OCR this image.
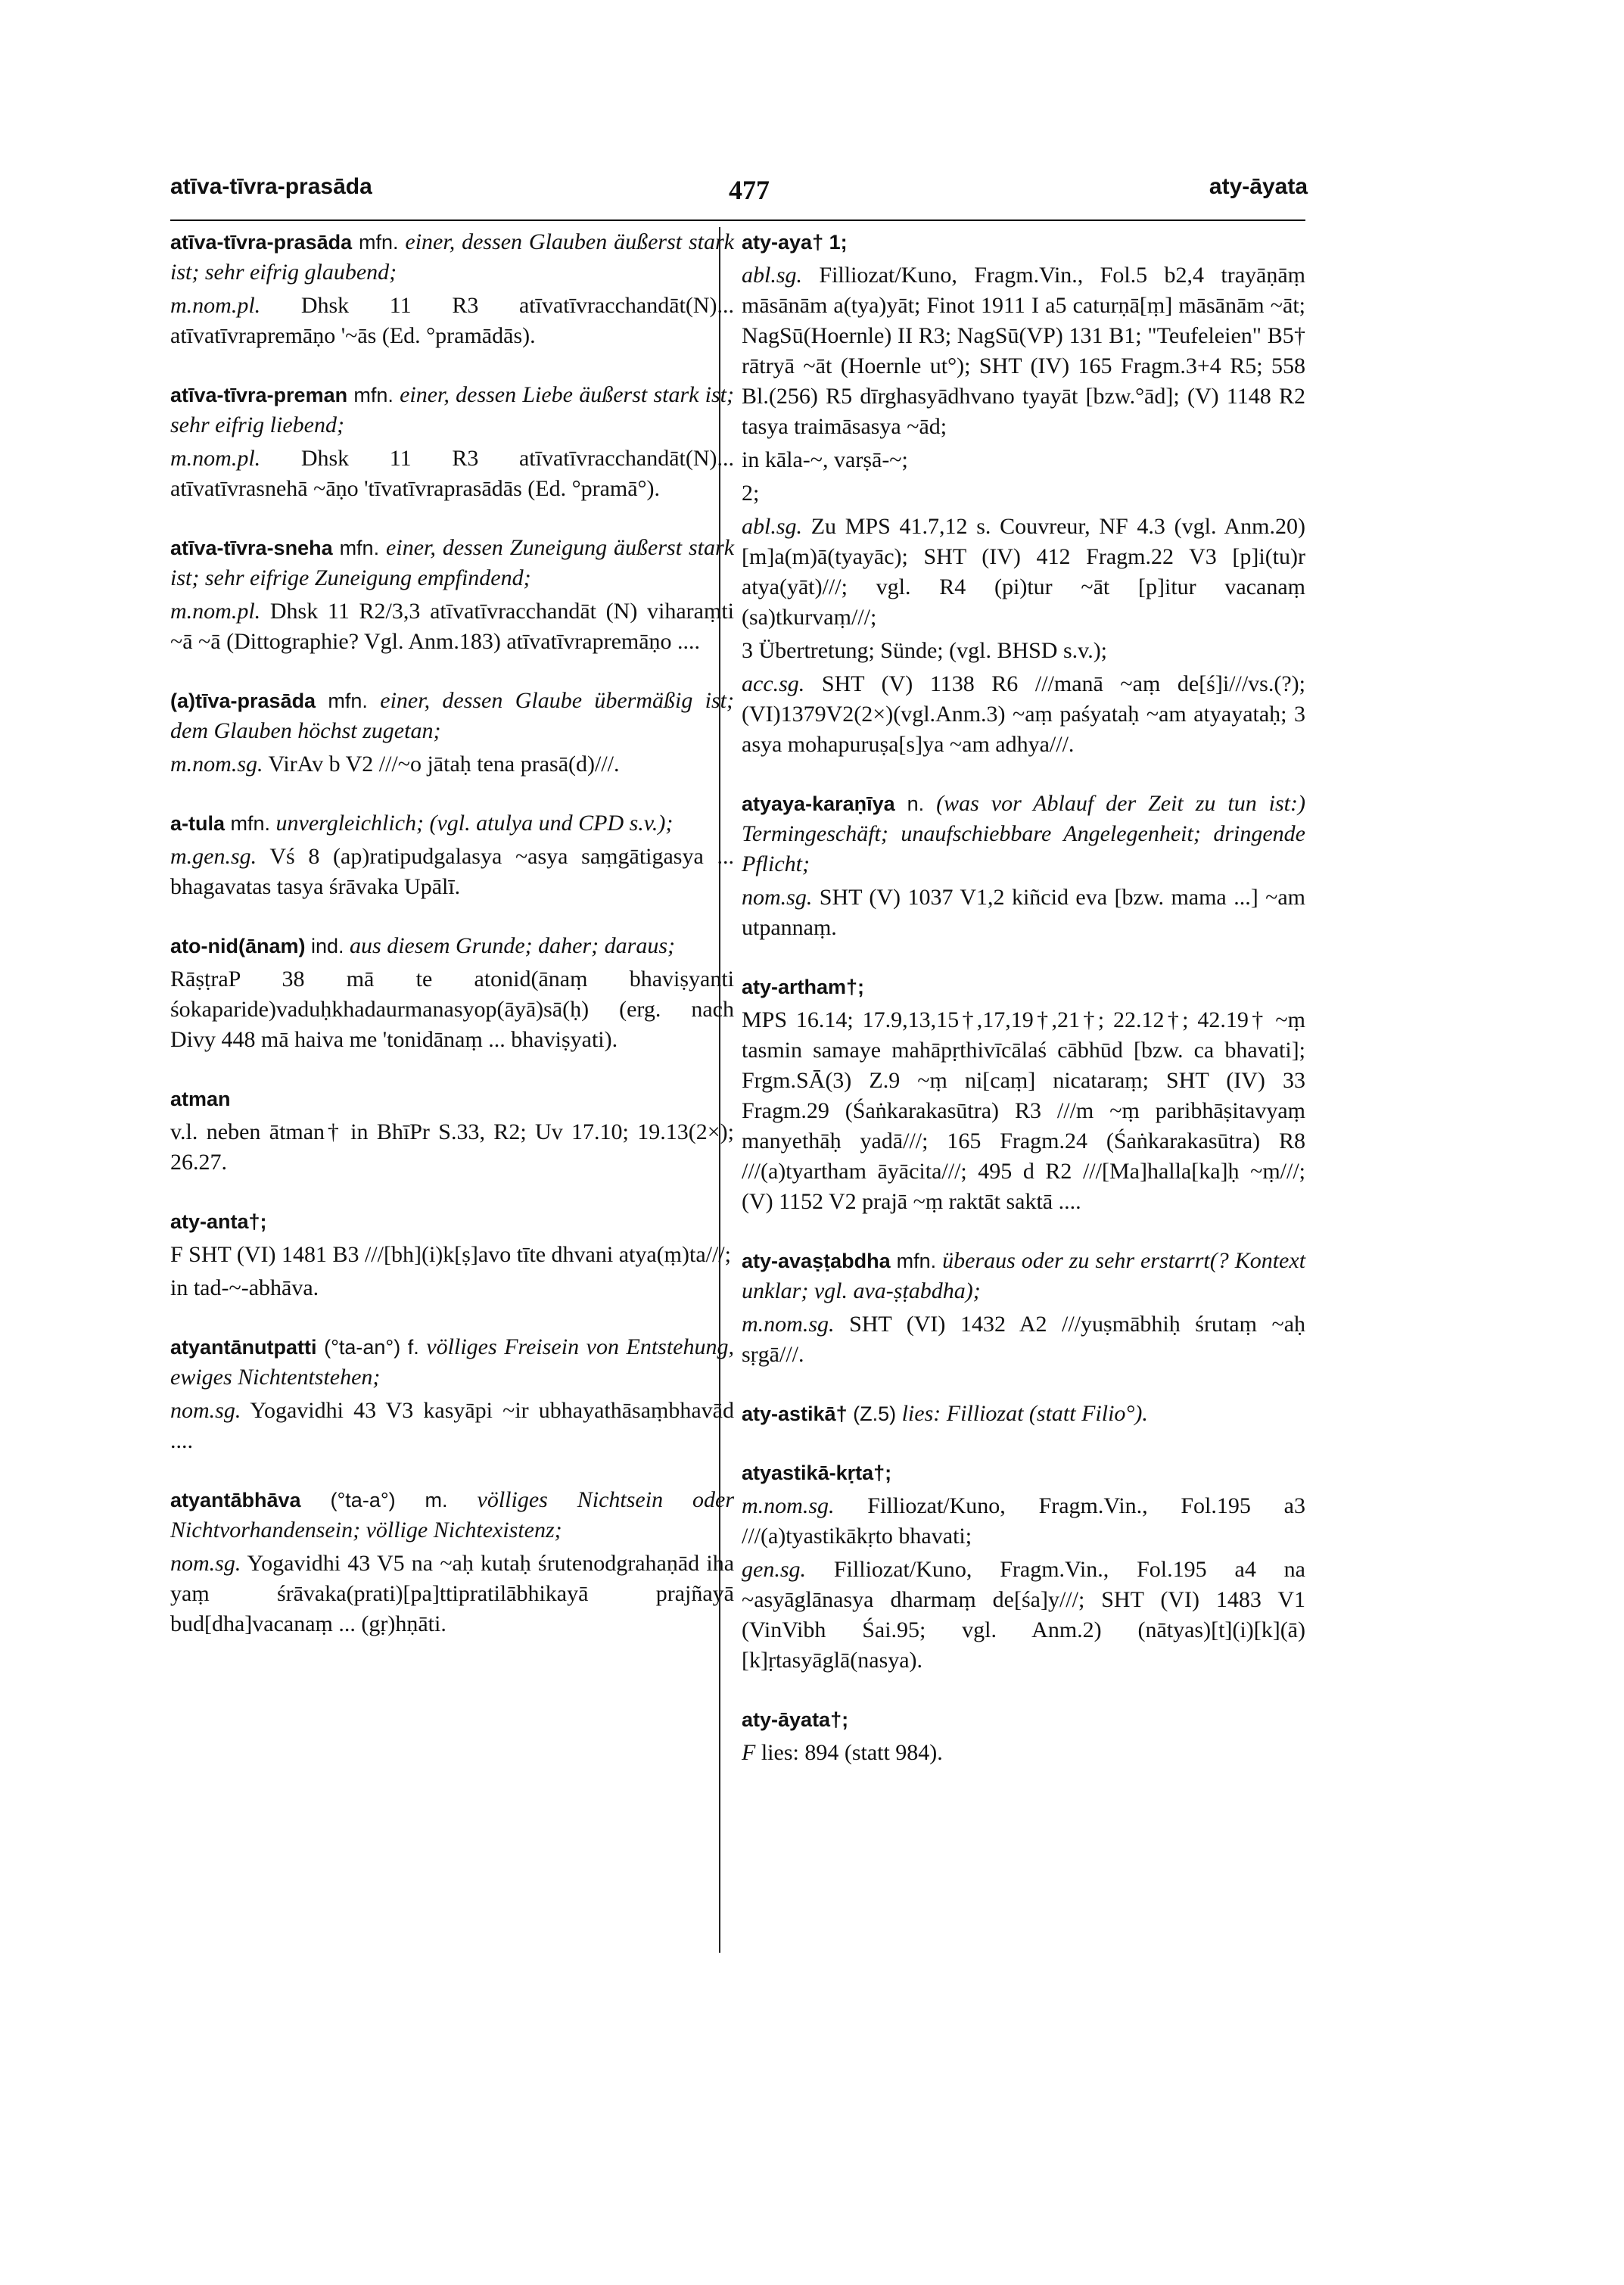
atīva-tīvra-prasāda	477	aty-āyata

atīva-tīvra-prasāda mfn. einer, dessen Glauben äußerst stark ist; sehr eifrig glaubend;

m.nom.pl. Dhsk 11 R3 atīvatīvracchandāt(N)... atīvatīvrapremāṇo '~ās (Ed. °pramādās).

atīva-tīvra-preman mfn. einer, dessen Liebe äußerst stark ist; sehr eifrig liebend;

m.nom.pl. Dhsk 11 R3 atīvatīvracchandāt(N)... atīvatīvrasnehā ~āṇo 'tīvatīvraprasādās (Ed. °pramā°).

atīva-tīvra-sneha mfn. einer, dessen Zuneigung äußerst stark ist; sehr eifrige Zuneigung empfindend;

m.nom.pl. Dhsk 11 R2/3,3 atīvatīvracchandāt (N) viharaṃti ~ā ~ā (Dittographie? Vgl. Anm.183) atīvatīvrapremāṇo ....

(a)tīva-prasāda mfn. einer, dessen Glaube übermäßig ist; dem Glauben höchst zugetan;

m.nom.sg. VirAv b V2 ///~o jātaḥ tena prasā(d)///.

a-tula mfn. unvergleichlich; (vgl. atulya und CPD s.v.);

m.gen.sg. Vś 8 (ap)ratipudgalasya ~asya saṃgātigasya ... bhagavatas tasya śrāvaka Upālī.

ato-nid(ānam) ind. aus diesem Grunde; daher; daraus;

RāṣṭraP 38 mā te atonid(ānaṃ bhaviṣyanti śokaparide)vaduḥkhadaurmanasyop(āyā)sā(ḥ) (erg. nach Divy 448 mā haiva me 'tonidānaṃ ... bhaviṣyati).

atman

v.l. neben ātman† in BhīPr S.33, R2; Uv 17.10; 19.13(2×); 26.27.

aty-anta†;

F SHT (VI) 1481 B3 ///[bh](i)k[ṣ]avo tīte dhvani atya(ṃ)ta///;

in tad-~-abhāva.

atyantānutpatti (°ta-an°) f. völliges Freisein von Entstehung, ewiges Nichtentstehen;

nom.sg. Yogavidhi 43 V3 kasyāpi ~ir ubhayathāsaṃbhavād ....

atyantābhāva (°ta-a°) m. völliges Nichtsein oder Nichtvorhandensein; völlige Nichtexistenz;

nom.sg. Yogavidhi 43 V5 na ~aḥ kutaḥ śrutenodgrahaṇād iha yaṃ śrāvaka(prati)[pa]ttipratilābhikayā prajñayā bud[dha]vacanaṃ ... (gṛ)hṇāti.

aty-aya† 1;

abl.sg. Filliozat/Kuno, Fragm.Vin., Fol.5 b2,4 trayāṇāṃ māsānām a(tya)yāt; Finot 1911 I a5 caturṇā[ṃ] māsānām ~āt; NagSū(Hoernle) II R3; NagSū(VP) 131 B1; "Teufeleien" B5† rātryā ~āt (Hoernle ut°); SHT (IV) 165 Fragm.3+4 R5; 558 Bl.(256) R5 dīrghasyādhvano tyayāt [bzw.°ād]; (V) 1148 R2 tasya traimāsasya ~ād;

in kāla-~, varṣā-~;

2;

abl.sg. Zu MPS 41.7,12 s. Couvreur, NF 4.3 (vgl. Anm.20) [m]a(m)ā(tyayāc); SHT (IV) 412 Fragm.22 V3 [p]i(tu)r atya(yāt)///; vgl. R4 (pi)tur ~āt [p]itur vacanaṃ (sa)tkurvaṃ///;

3 Übertretung; Sünde; (vgl. BHSD s.v.);

acc.sg. SHT (V) 1138 R6 ///manā ~aṃ de[ś]i///vs.(?);(VI)1379V2(2×)(vgl.Anm.3) ~aṃ paśyataḥ ~am atyayataḥ; 3 asya mohapuruṣa[s]ya ~am adhya///.

atyaya-karaṇīya n. (was vor Ablauf der Zeit zu tun ist:) Termingeschäft; unaufschiebbare Angelegenheit; dringende Pflicht;

nom.sg. SHT (V) 1037 V1,2 kiñcid eva [bzw. mama ...] ~am utpannaṃ.

aty-artham†;

MPS 16.14; 17.9,13,15†,17,19†,21†; 22.12†; 42.19† ~ṃ tasmin samaye mahāpṛthivīcālaś cābhūd [bzw. ca bhavati]; Frgm.SĀ(3) Z.9 ~ṃ ni[caṃ] nicataraṃ; SHT (IV) 33 Fragm.29 (Śaṅkarakasūtra) R3 ///m ~ṃ paribhāṣitavyaṃ manyethāḥ yadā///; 165 Fragm.24 (Śaṅkarakasūtra) R8 ///(a)tyartham āyācita///; 495 d R2 ///[Ma]halla[ka]ḥ ~ṃ///; (V) 1152 V2 prajā ~ṃ raktāt saktā ....

aty-avaṣṭabdha mfn. überaus oder zu sehr erstarrt(? Kontext unklar; vgl. ava-ṣṭabdha);

m.nom.sg. SHT (VI) 1432 A2 ///yuṣmābhiḥ śrutaṃ ~aḥ sṛgā///.

aty-astikā† (Z.5) lies: Filliozat (statt Filio°).

atyastikā-kṛta†;

m.nom.sg. Filliozat/Kuno, Fragm.Vin., Fol.195 a3 ///(a)tyastikākṛto bhavati;

gen.sg. Filliozat/Kuno, Fragm.Vin., Fol.195 a4 na ~asyāglānasya dharmaṃ de[śa]y///; SHT (VI) 1483 V1 (VinVibh Śai.95; vgl. Anm.2) (nātyas)[t](i)[k](ā)[k]ṛtasyāglā(nasya).

aty-āyata†;

F lies: 894 (statt 984).
